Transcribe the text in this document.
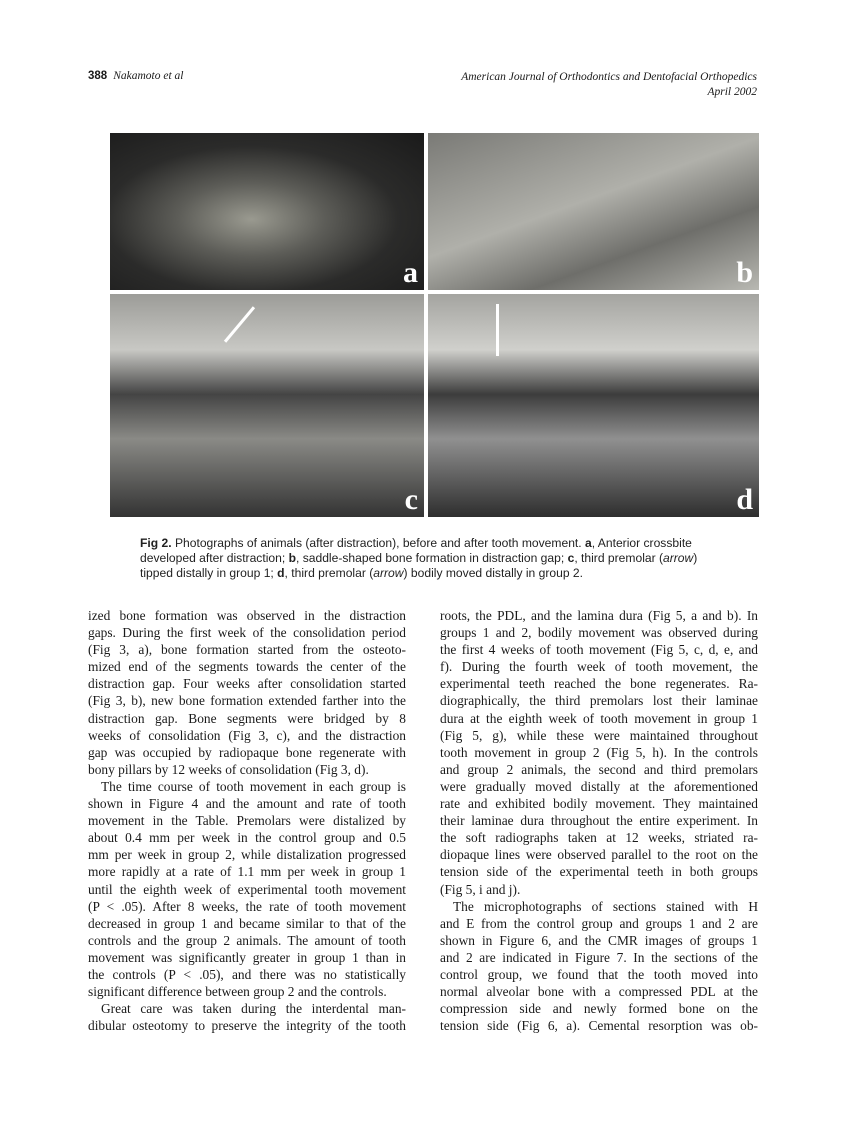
388 Nakamoto et al	American Journal of Orthodontics and Dentofacial Orthopedics
April 2002
a	b
c	d
Fig 2. Photographs of animals (after distraction), before and after tooth movement. a, Anterior crossbite developed after distraction; b, saddle-shaped bone formation in distraction gap; c, third premolar (arrow) tipped distally in group 1; d, third premolar (arrow) bodily moved distally in group 2.
ized bone formation was observed in the distraction
gaps. During the first week of the consolidation period
(Fig 3, a), bone formation started from the osteoto-
mized end of the segments towards the center of the
distraction gap. Four weeks after consolidation started
(Fig 3, b), new bone formation extended farther into the
distraction gap. Bone segments were bridged by 8
weeks of consolidation (Fig 3, c), and the distraction
gap was occupied by radiopaque bone regenerate with
bony pillars by 12 weeks of consolidation (Fig 3, d).
The time course of tooth movement in each group is
shown in Figure 4 and the amount and rate of tooth
movement in the Table. Premolars were distalized by
about 0.4 mm per week in the control group and 0.5
mm per week in group 2, while distalization progressed
more rapidly at a rate of 1.1 mm per week in group 1
until the eighth week of experimental tooth movement
(P < .05). After 8 weeks, the rate of tooth movement
decreased in group 1 and became similar to that of the
controls and the group 2 animals. The amount of tooth
movement was significantly greater in group 1 than in
the controls (P < .05), and there was no statistically
significant difference between group 2 and the controls.
Great care was taken during the interdental man-
dibular osteotomy to preserve the integrity of the tooth
roots, the PDL, and the lamina dura (Fig 5, a and b). In
groups 1 and 2, bodily movement was observed during
the first 4 weeks of tooth movement (Fig 5, c, d, e, and
f). During the fourth week of tooth movement, the
experimental teeth reached the bone regenerates. Ra-
diographically, the third premolars lost their laminae
dura at the eighth week of tooth movement in group 1
(Fig 5, g), while these were maintained throughout
tooth movement in group 2 (Fig 5, h). In the controls
and group 2 animals, the second and third premolars
were gradually moved distally at the aforementioned
rate and exhibited bodily movement. They maintained
their laminae dura throughout the entire experiment. In
the soft radiographs taken at 12 weeks, striated ra-
diopaque lines were observed parallel to the root on the
tension side of the experimental teeth in both groups
(Fig 5, i and j).
The microphotographs of sections stained with H
and E from the control group and groups 1 and 2 are
shown in Figure 6, and the CMR images of groups 1
and 2 are indicated in Figure 7. In the sections of the
control group, we found that the tooth moved into
normal alveolar bone with a compressed PDL at the
compression side and newly formed bone on the
tension side (Fig 6, a). Cemental resorption was ob-
